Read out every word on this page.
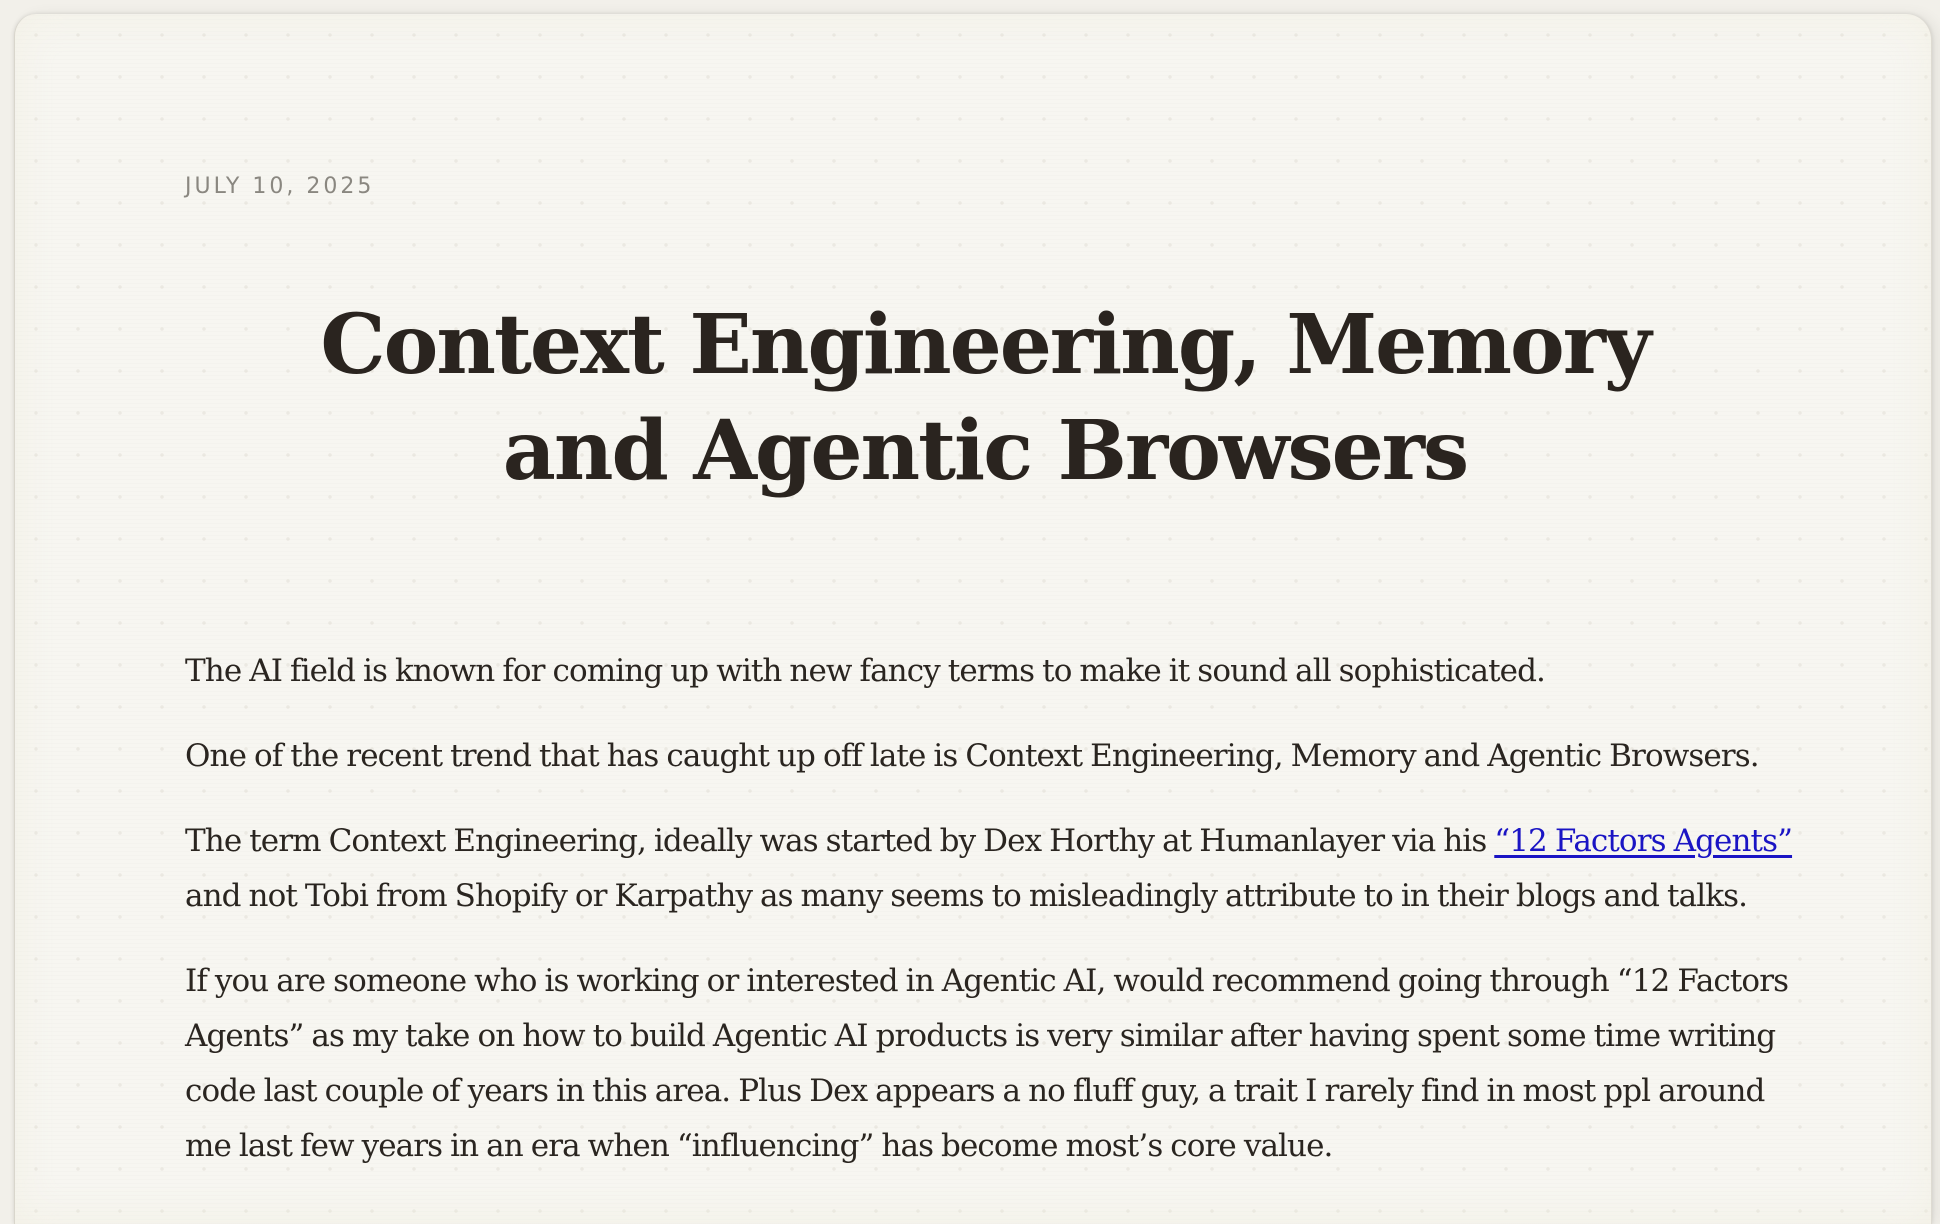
JULY 10, 2025
Context Engineering, Memory
and Agentic Browsers

The AI field is known for coming up with new fancy terms to make it sound all sophisticated.

One of the recent trend that has caught up off late is Context Engineering, Memory and Agentic Browsers.

The term Context Engineering, ideally was started by Dex Horthy at Humanlayer via his “12 Factors Agents” and not Tobi from Shopify or Karpathy as many seems to misleadingly attribute to in their blogs and talks.

If you are someone who is working or interested in Agentic AI, would recommend going through “12 Factors Agents” as my take on how to build Agentic AI products is very similar after having spent some time writing code last couple of years in this area. Plus Dex appears a no fluff guy, a trait I rarely find in most ppl around me last few years in an era when “influencing” has become most’s core value.
